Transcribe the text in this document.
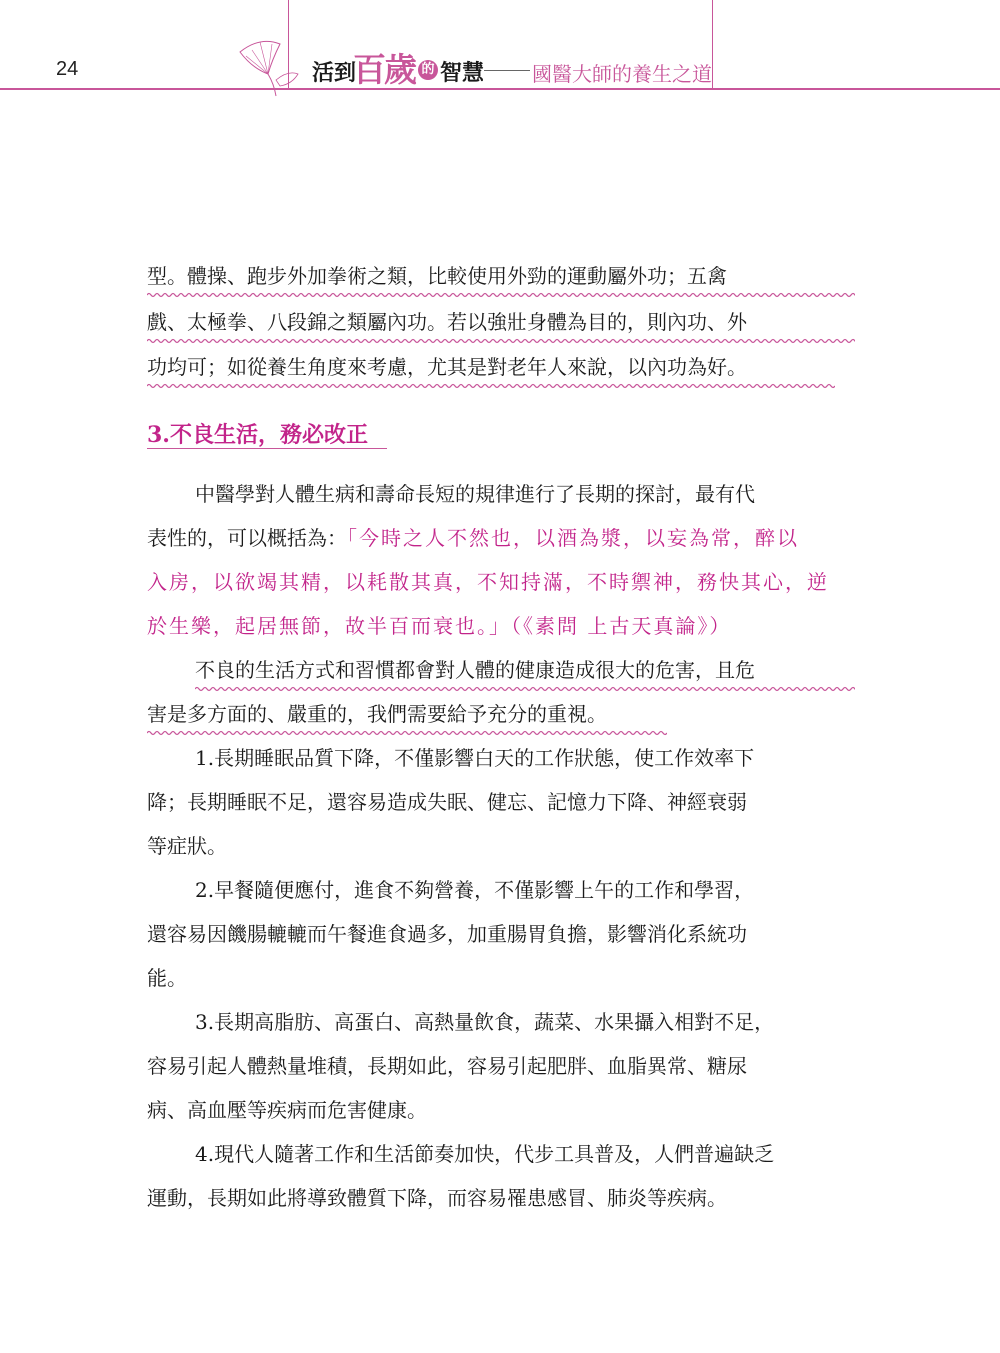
24	活到
百歲 的 智慧 國醫大師的養生之道
型。體操、跑步外加拳術之類，比較使用外勁的運動屬外功；五禽
戲、太極拳、八段錦之類屬內功。若以強壯身體為目的，則內功、外
功均可；如從養生角度來考慮，尤其是對老年人來說，以內功為好。
3.不良生活，務必改正
中醫學對人體生病和壽命長短的規律進行了長期的探討，最有代
表性的，可以概括為：「今時之人不然也，以酒為漿，以妄為常，醉以
入房，以欲竭其精，以耗散其真，不知持滿，不時禦神，務快其心，逆
於生樂，起居無節，故半百而衰也。」（《素問 上古天真論》）
不良的生活方式和習慣都會對人體的健康造成很大的危害，且危
害是多方面的、嚴重的，我們需要給予充分的重視。
1.長期睡眠品質下降，不僅影響白天的工作狀態，使工作效率下
降；長期睡眠不足，還容易造成失眠、健忘、記憶力下降、神經衰弱
等症狀。
2.早餐隨便應付，進食不夠營養，不僅影響上午的工作和學習，
還容易因饑腸轆轆而午餐進食過多，加重腸胃負擔，影響消化系統功
能。
3.長期高脂肪、高蛋白、高熱量飲食，蔬菜、水果攝入相對不足，
容易引起人體熱量堆積，長期如此，容易引起肥胖、血脂異常、糖尿
病、高血壓等疾病而危害健康。
4.現代人隨著工作和生活節奏加快，代步工具普及，人們普遍缺乏
運動，長期如此將導致體質下降，而容易罹患感冒、肺炎等疾病。
